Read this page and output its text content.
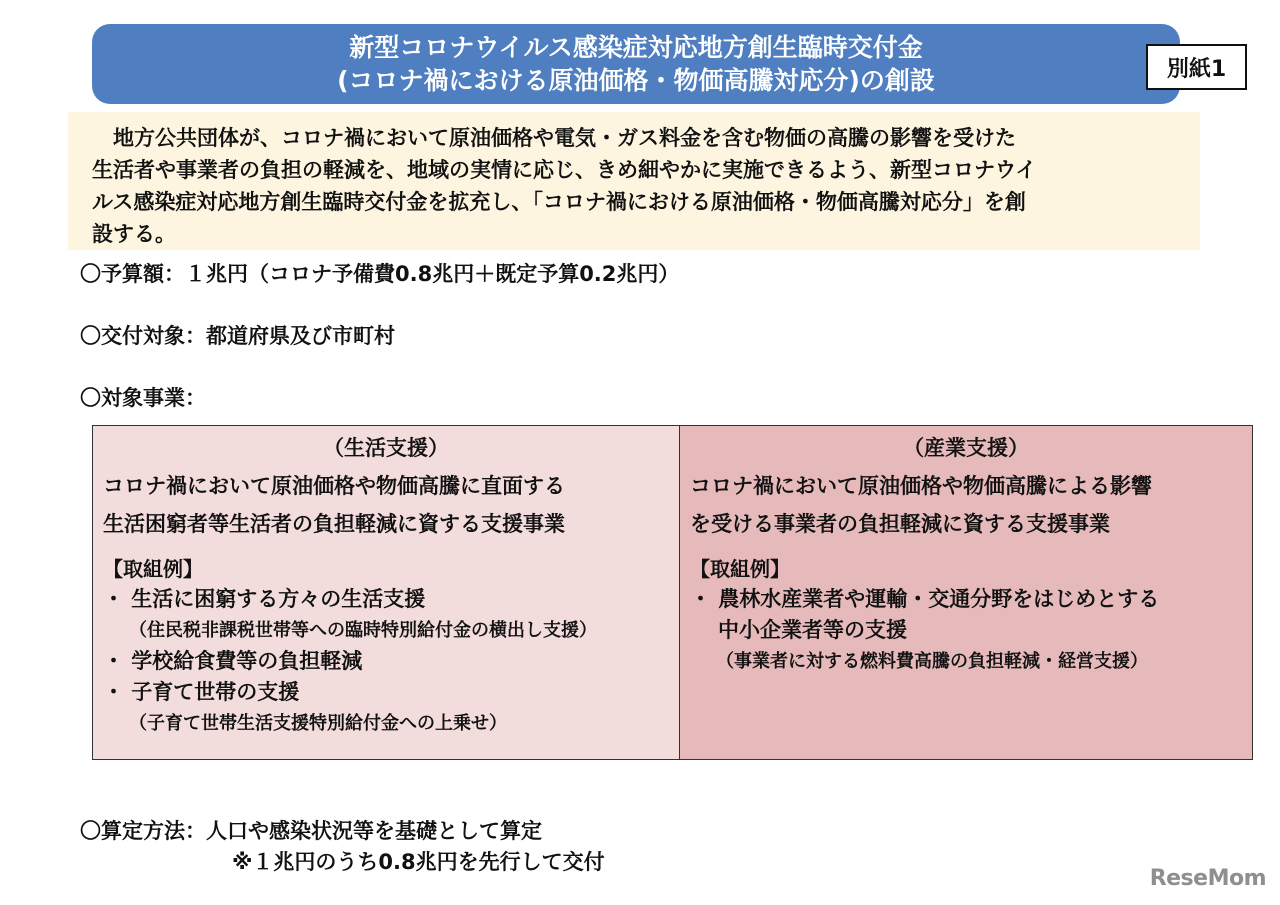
新型コロナウイルス感染症対応地方創生臨時交付金
(コロナ禍における原油価格・物価高騰対応分)の創設	別紙1
　地方公共団体が、コロナ禍において原油価格や電気・ガス料金を含む物価の高騰の影響を受けた
生活者や事業者の負担の軽減を、地域の実情に応じ、きめ細やかに実施できるよう、新型コロナウイ
ルス感染症対応地方創生臨時交付金を拡充し、「コロナ禍における原油価格・物価高騰対応分」を創
設する。
〇予算額：１兆円（コロナ予備費0.8兆円＋既定予算0.2兆円）
〇交付対象：都道府県及び市町村
〇対象事業：
（生活支援）
コロナ禍において原油価格や物価高騰に直面する
生活困窮者等生活者の負担軽減に資する支援事業
【取組例】
・ 生活に困窮する方々の生活支援
（住民税非課税世帯等への臨時特別給付金の横出し支援）
・ 学校給食費等の負担軽減
・ 子育て世帯の支援
（子育て世帯生活支援特別給付金への上乗せ）
（産業支援）
コロナ禍において原油価格や物価高騰による影響
を受ける事業者の負担軽減に資する支援事業
【取組例】
・ 農林水産業者や運輸・交通分野をはじめとする
中小企業者等の支援
（事業者に対する燃料費高騰の負担軽減・経営支援）
〇算定方法：人口や感染状況等を基礎として算定
※１兆円のうち0.8兆円を先行して交付
ReseMom
